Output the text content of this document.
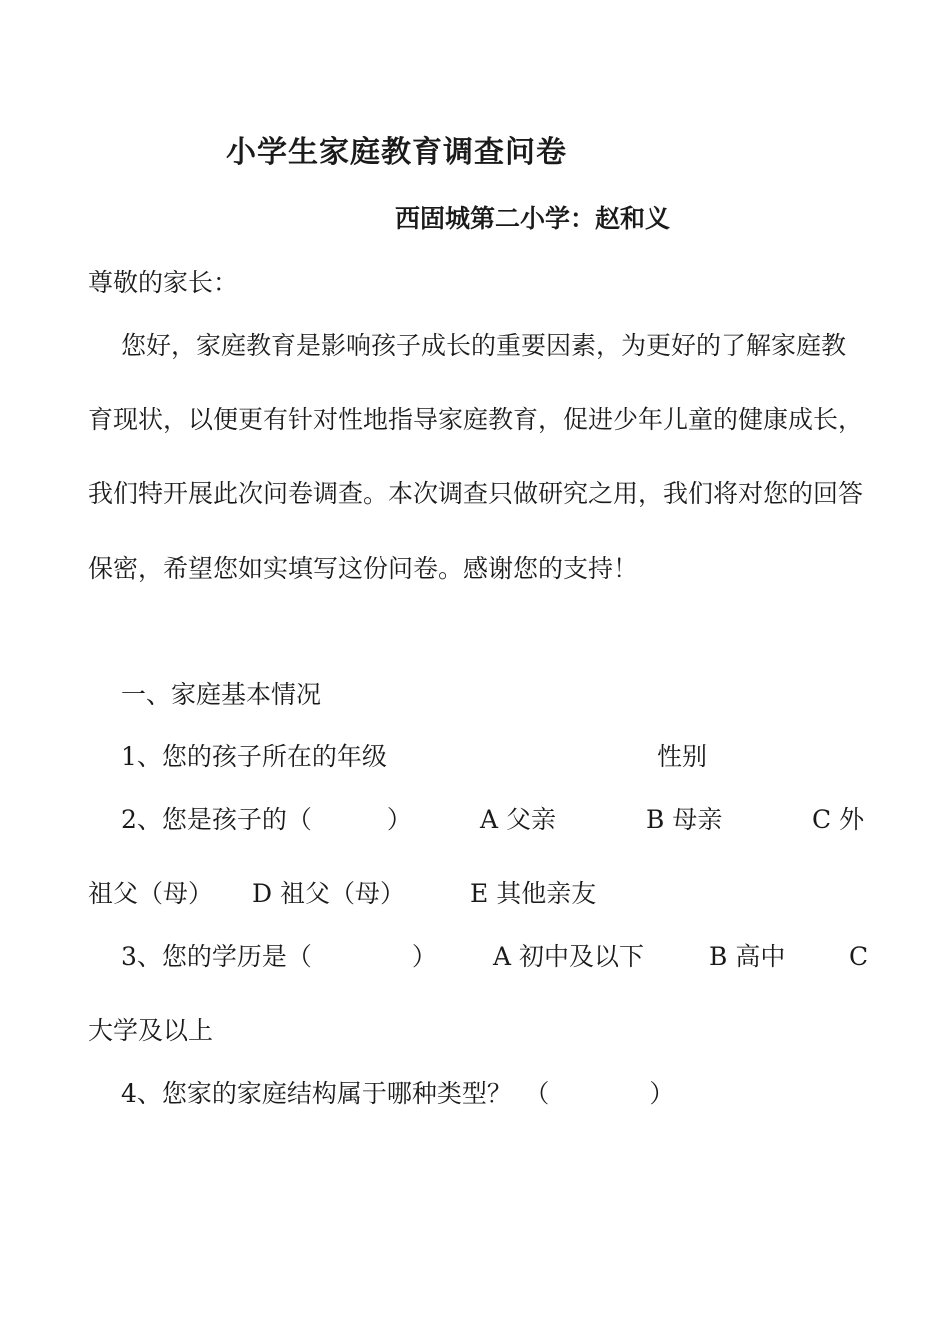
小学生家庭教育调查问卷
西固城第二小学：赵和义
尊敬的家长：
您好，家庭教育是影响孩子成长的重要因素，为更好的了解家庭教
育现状，以便更有针对性地指导家庭教育，促进少年儿童的健康成长，
我们特开展此次问卷调查。本次调查只做研究之用，我们将对您的回答
保密，希望您如实填写这份问卷。感谢您的支持！
一、家庭基本情况
1、您的孩子所在的年级	性别
2、您是孩子的（　　　）	A 父亲	B 母亲	C 外
祖父（母） D 祖父（母）	E 其他亲友
3、您的学历是（　　　　） A 初中及以下	B 高中	C
大学及以上
4、您家的家庭结构属于哪种类型？　（　　　　）
